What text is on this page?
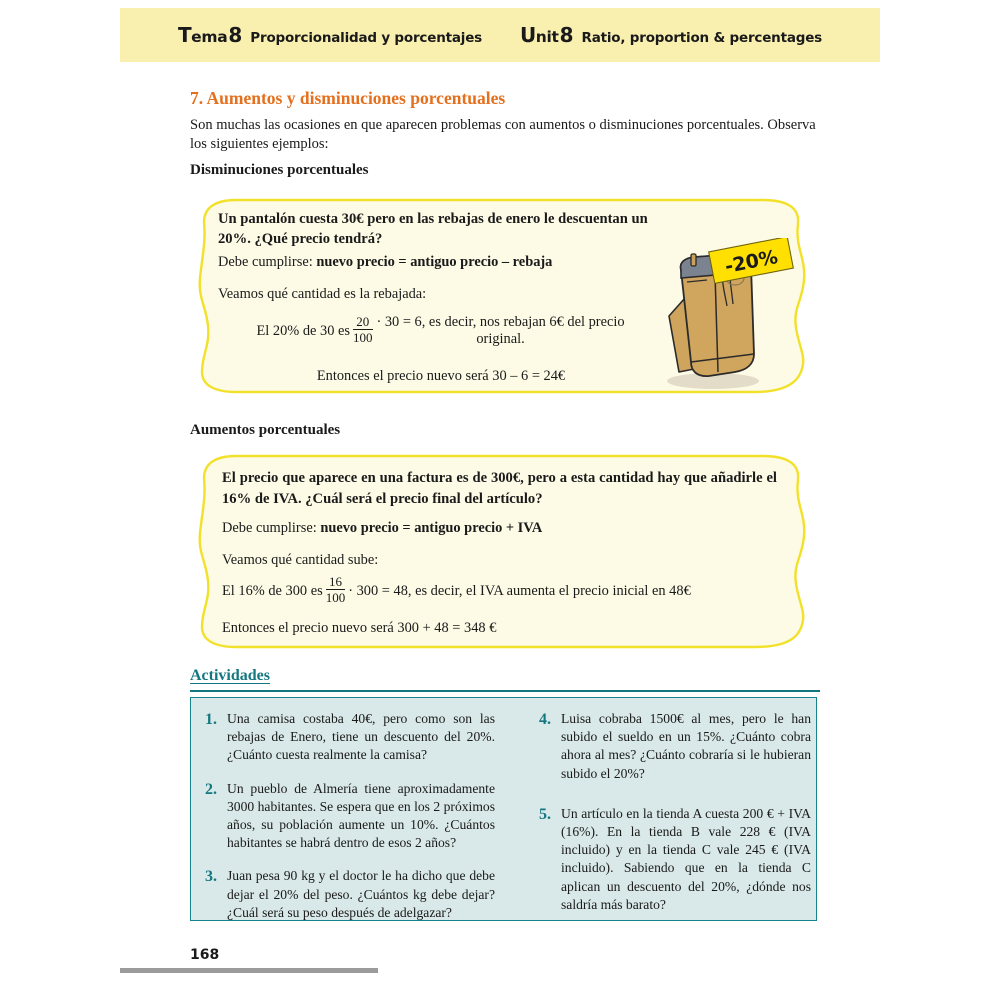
T ema 8 Proporcionalidad y porcentajes U nit 8 Ratio, proportion & percentages
7. Aumentos y disminuciones porcentuales
Son muchas las ocasiones en que aparecen problemas con aumentos o disminuciones porcentuales. Observa los siguientes ejemplos:
Disminuciones porcentuales
Un pantalón cuesta 30€ pero en las rebajas de enero le descuentan un 20%. ¿Qué precio tendrá?
Debe cumplirse: nuevo precio = antiguo precio – rebaja
Veamos qué cantidad es la rebajada:
El 20% de 30 es $\frac{20}{100} \cdot 30 = 6$, es decir, nos rebajan 6€ del precio original.
Entonces el precio nuevo será 30 – 6 = 24€
-20%
Aumentos porcentuales
El precio que aparece en una factura es de 300€, pero a esta cantidad hay que añadirle el 16% de IVA. ¿Cuál será el precio final del artículo?
Debe cumplirse: nuevo precio = antiguo precio + IVA
Veamos qué cantidad sube:
El 16% de 300 es $\frac{16}{100} \cdot 300 = 48$, es decir, el IVA aumenta el precio inicial en 48€
Entonces el precio nuevo será 300 + 48 = 348 €
Actividades
1. Una camisa costaba 40€, pero como son las rebajas de Enero, tiene un descuento del 20%. ¿Cuánto cuesta realmente la camisa?
2. Un pueblo de Almería tiene aproximadamente 3000 habitantes. Se espera que en los 2 próximos años, su población aumente un 10%. ¿Cuántos habitantes se habrá dentro de esos 2 años?
3. Juan pesa 90 kg y el doctor le ha dicho que debe dejar el 20% del peso. ¿Cuántos kg debe dejar? ¿Cuál será su peso después de adelgazar?
4. Luisa cobraba 1500€ al mes, pero le han subido el sueldo en un 15%. ¿Cuánto cobra ahora al mes? ¿Cuánto cobraría si le hubieran subido el 20%?
5. Un artículo en la tienda A cuesta 200 € + IVA (16%). En la tienda B vale 228 € (IVA incluido) y en la tienda C vale 245 € (IVA incluido). Sabiendo que en la tienda C aplican un descuento del 20%, ¿dónde nos saldría más barato?
168
